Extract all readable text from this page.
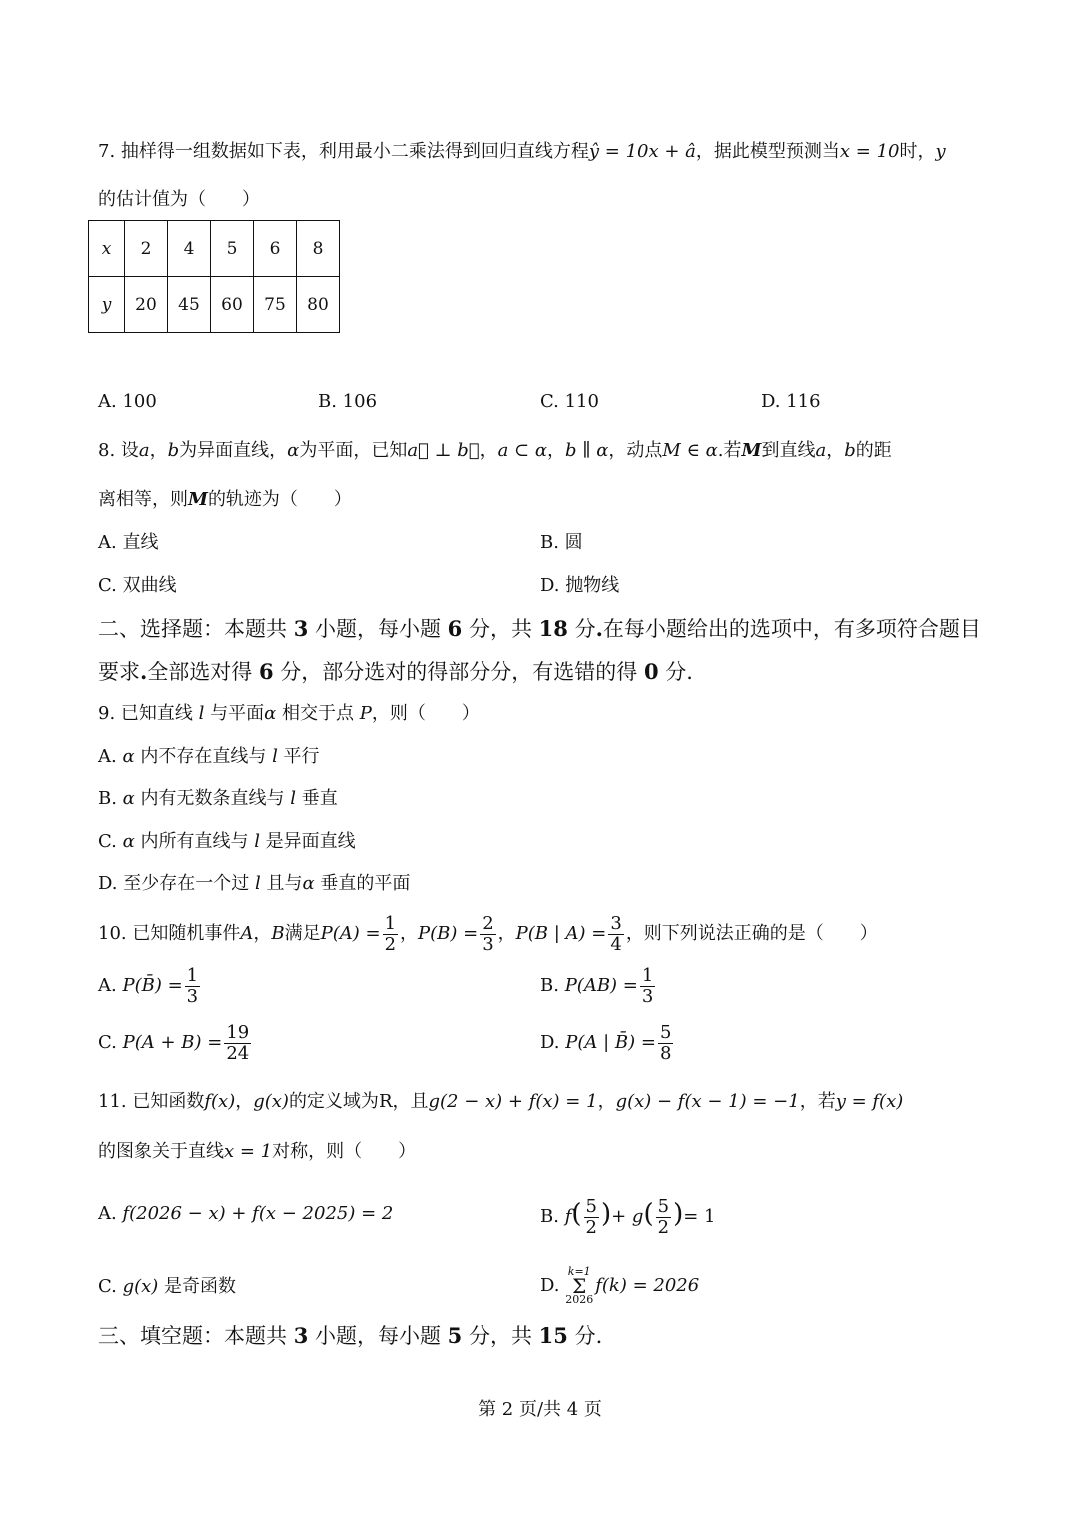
7. 抽样得一组数据如下表，利用最小二乘法得到回归直线方程ŷ = 10x + â，据此模型预测当x = 10时，y
的估计值为（　　）
x	2	4	5	6	8
y	20	45	60	75	80
A. 100	B. 106	C. 110	D. 116
8. 设a，b为异面直线，α为平面，已知a⃗ ⊥ b⃗，a ⊂ α，b ∥ α，动点M ∈ α.若M到直线a，b的距
离相等，则M的轨迹为（　　）
A. 直线	B. 圆
C. 双曲线	D. 抛物线
二、选择题：本题共 3 小题，每小题 6 分，共 18 分.在每小题给出的选项中，有多项符合题目
要求.全部选对得 6 分，部分选对的得部分分，有选错的得 0 分.
9. 已知直线 l 与平面α 相交于点 P，则（　　）
A. α 内不存在直线与 l 平行
B. α 内有无数条直线与 l 垂直
C. α 内所有直线与 l 是异面直线
D. 至少存在一个过 l 且与α 垂直的平面
10. 已知随机事件A，B满足$P(A) = \frac{1}{2}$ ，$P(B) = \frac{2}{3}$ ，P(B | $A) = \frac{3}{4}$ ，则下列说法正确的是（　　）
A. P(B̄) = $\frac{1}{3}$	B. $P(AB) = \frac{1}{3}$
C. $P(A + B) = \frac{19}{24}$	D. P(A | B̄) = $\frac{5}{8}$
11. 已知函数f(x)，g(x)的定义域为R，且g(2 − x) + f(x) = 1，g(x) − f(x − 1) = −1，若y = f(x)
的图象关于直线x = 1对称，则（　　）
A. f(2026 − x) + f(x − 2025) = 2	B. $f( \frac{5}{2}$ )+ $g( \frac{5}{2}$ )= 1
C. g(x) 是奇函数	D.
k=1
Σ
2026
f(k) = 2026
三、填空题：本题共 3 小题，每小题 5 分，共 15 分.
第 2 页/共 4 页
